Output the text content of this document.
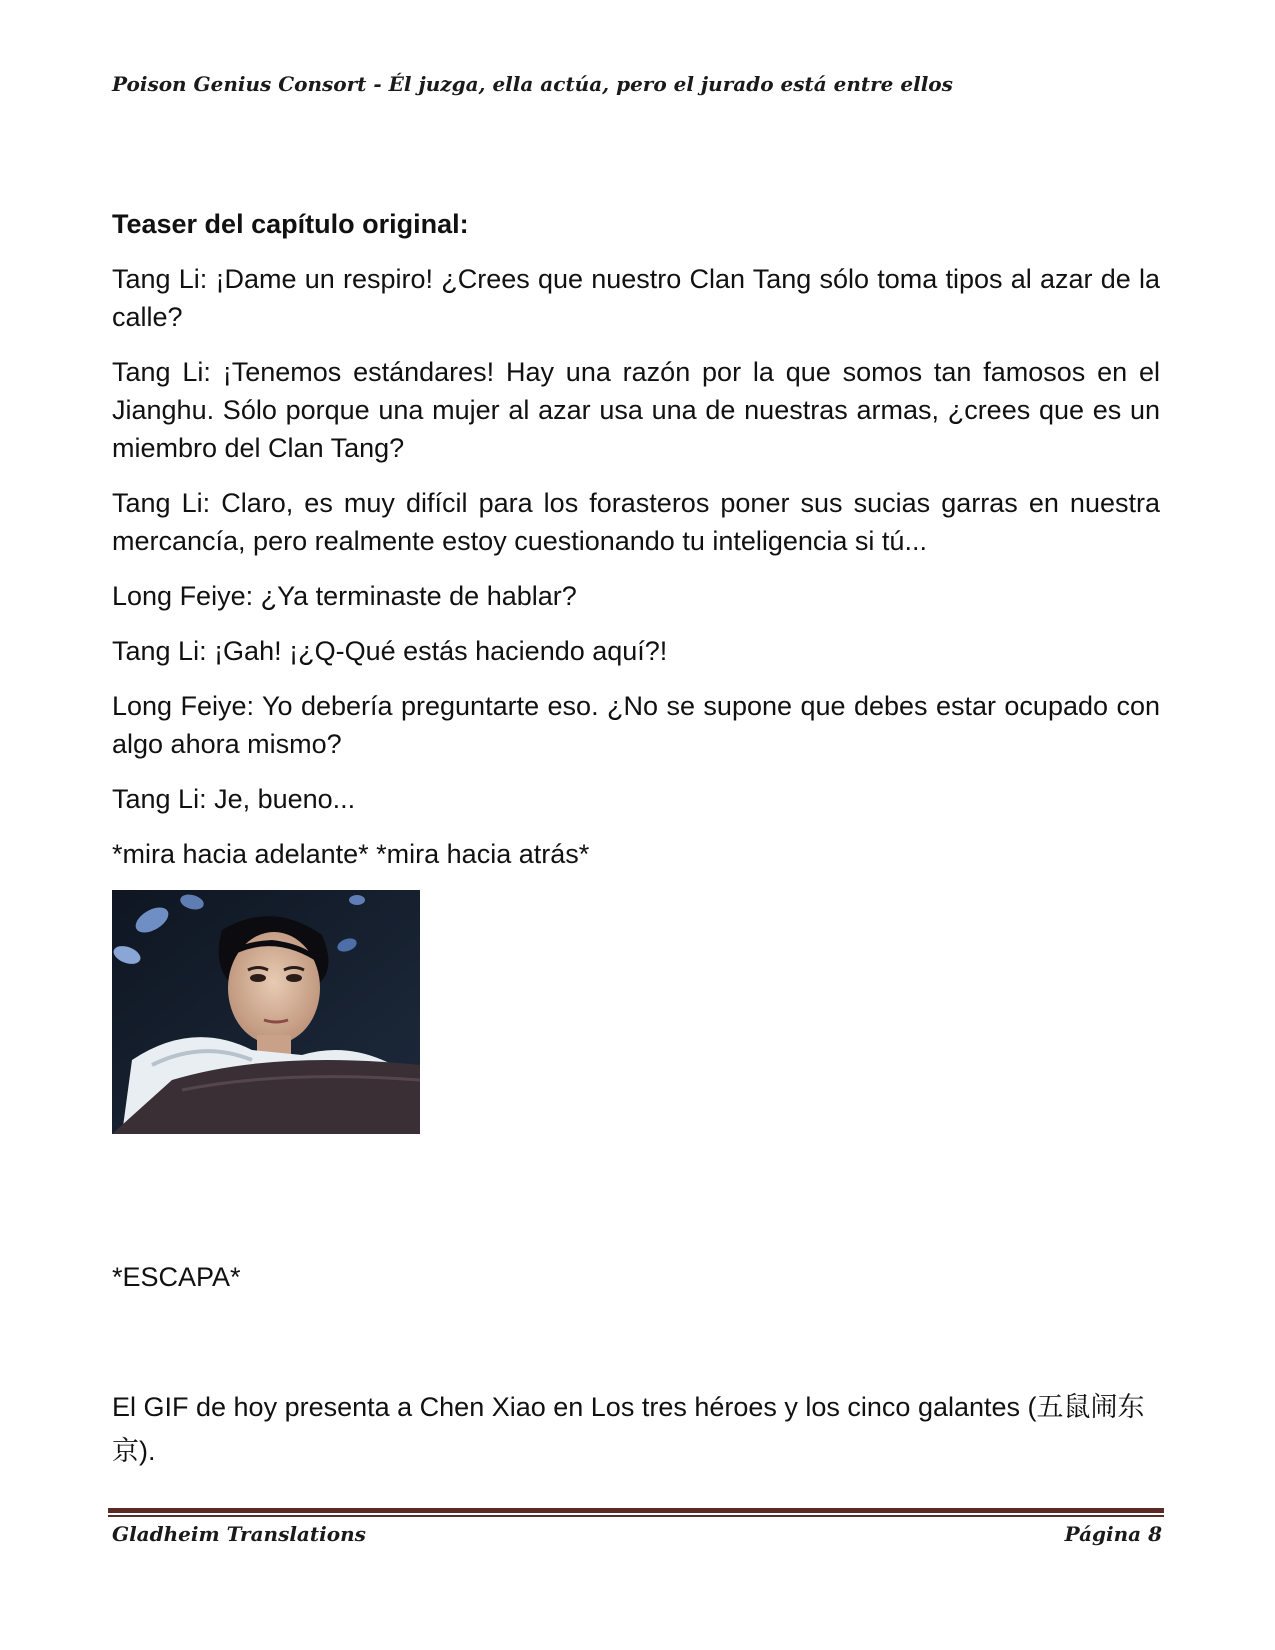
Poison Genius Consort - Él juzga, ella actúa, pero el jurado está entre ellos
Teaser del capítulo original:

Tang Li: ¡Dame un respiro! ¿Crees que nuestro Clan Tang sólo toma tipos al azar de la calle?

Tang Li: ¡Tenemos estándares! Hay una razón por la que somos tan famosos en el Jianghu. Sólo porque una mujer al azar usa una de nuestras armas, ¿crees que es un miembro del Clan Tang?

Tang Li: Claro, es muy difícil para los forasteros poner sus sucias garras en nuestra mercancía, pero realmente estoy cuestionando tu inteligencia si tú...

Long Feiye: ¿Ya terminaste de hablar?

Tang Li: ¡Gah! ¡¿Q-Qué estás haciendo aquí?!

Long Feiye: Yo debería preguntarte eso. ¿No se supone que debes estar ocupado con algo ahora mismo?

Tang Li: Je, bueno...

*mira hacia adelante* *mira hacia atrás*

*ESCAPA*
El GIF de hoy presenta a Chen Xiao en Los tres héroes y los cinco galantes (五鼠闹东京).
Gladheim Translations	Página 8
